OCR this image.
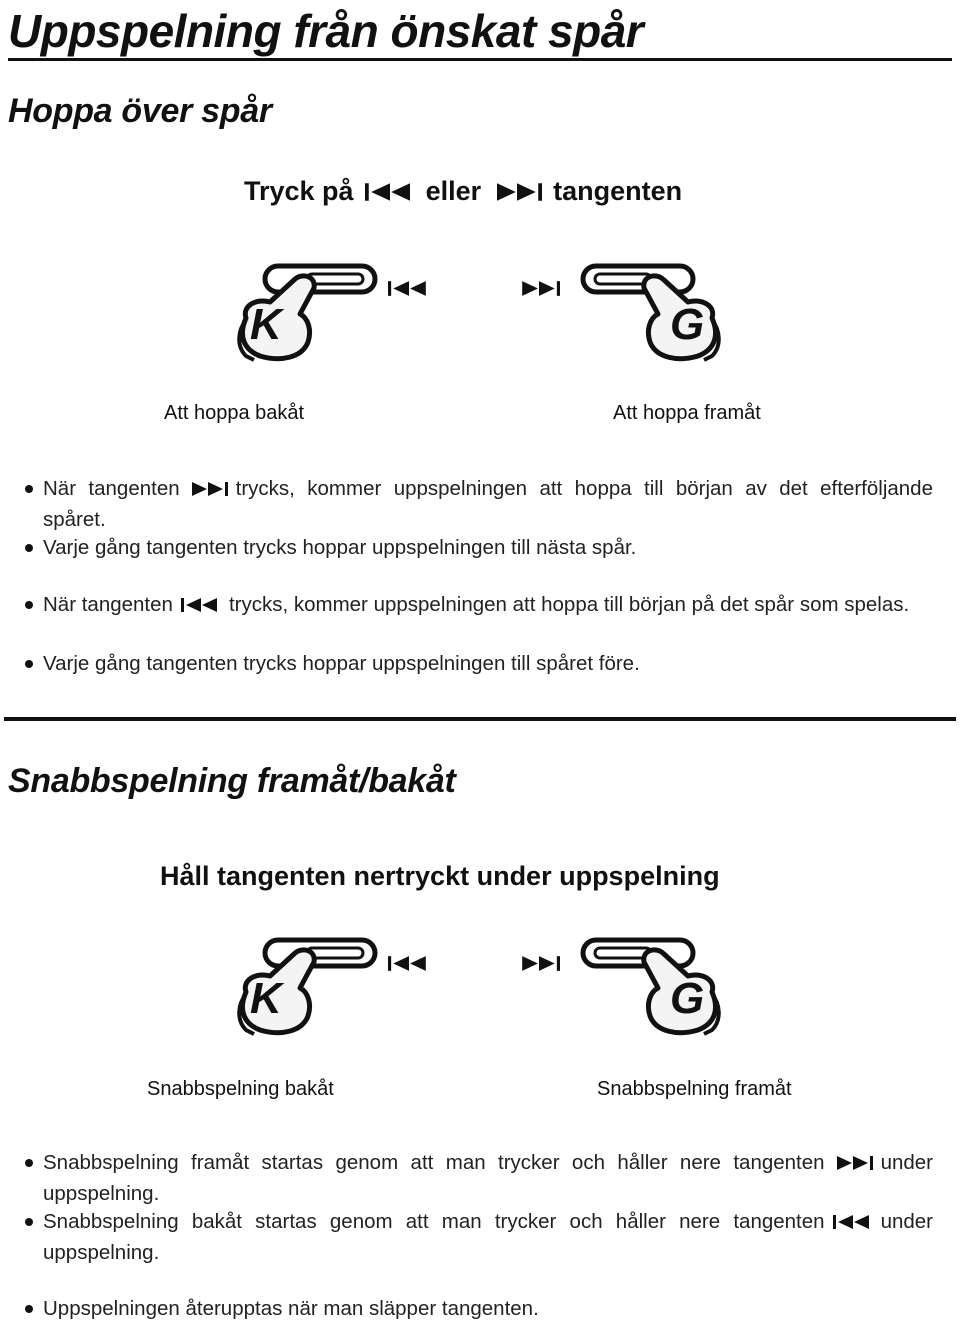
Uppspelning från önskat spår
Hoppa över spår
Tryck på	eller	tangenten
K	G
Att hoppa bakåt	Att hoppa framåt
När tangenten	trycks, kommer uppspelningen att hoppa till början av det efterföljande spåret.
Varje gång tangenten trycks hoppar uppspelningen till nästa spår.
När tangenten	trycks, kommer uppspelningen att hoppa till början på det spår som spelas.
Varje gång tangenten trycks hoppar uppspelningen till spåret före.
Snabbspelning framåt/bakåt
Håll tangenten nertryckt under uppspelning
K	G
Snabbspelning bakåt	Snabbspelning framåt
Snabbspelning framåt startas genom att man trycker och håller nere tangenten	under uppspelning.
Snabbspelning bakåt startas genom att man trycker och håller nere tangenten	under uppspelning.
Uppspelningen återupptas när man släpper tangenten.
